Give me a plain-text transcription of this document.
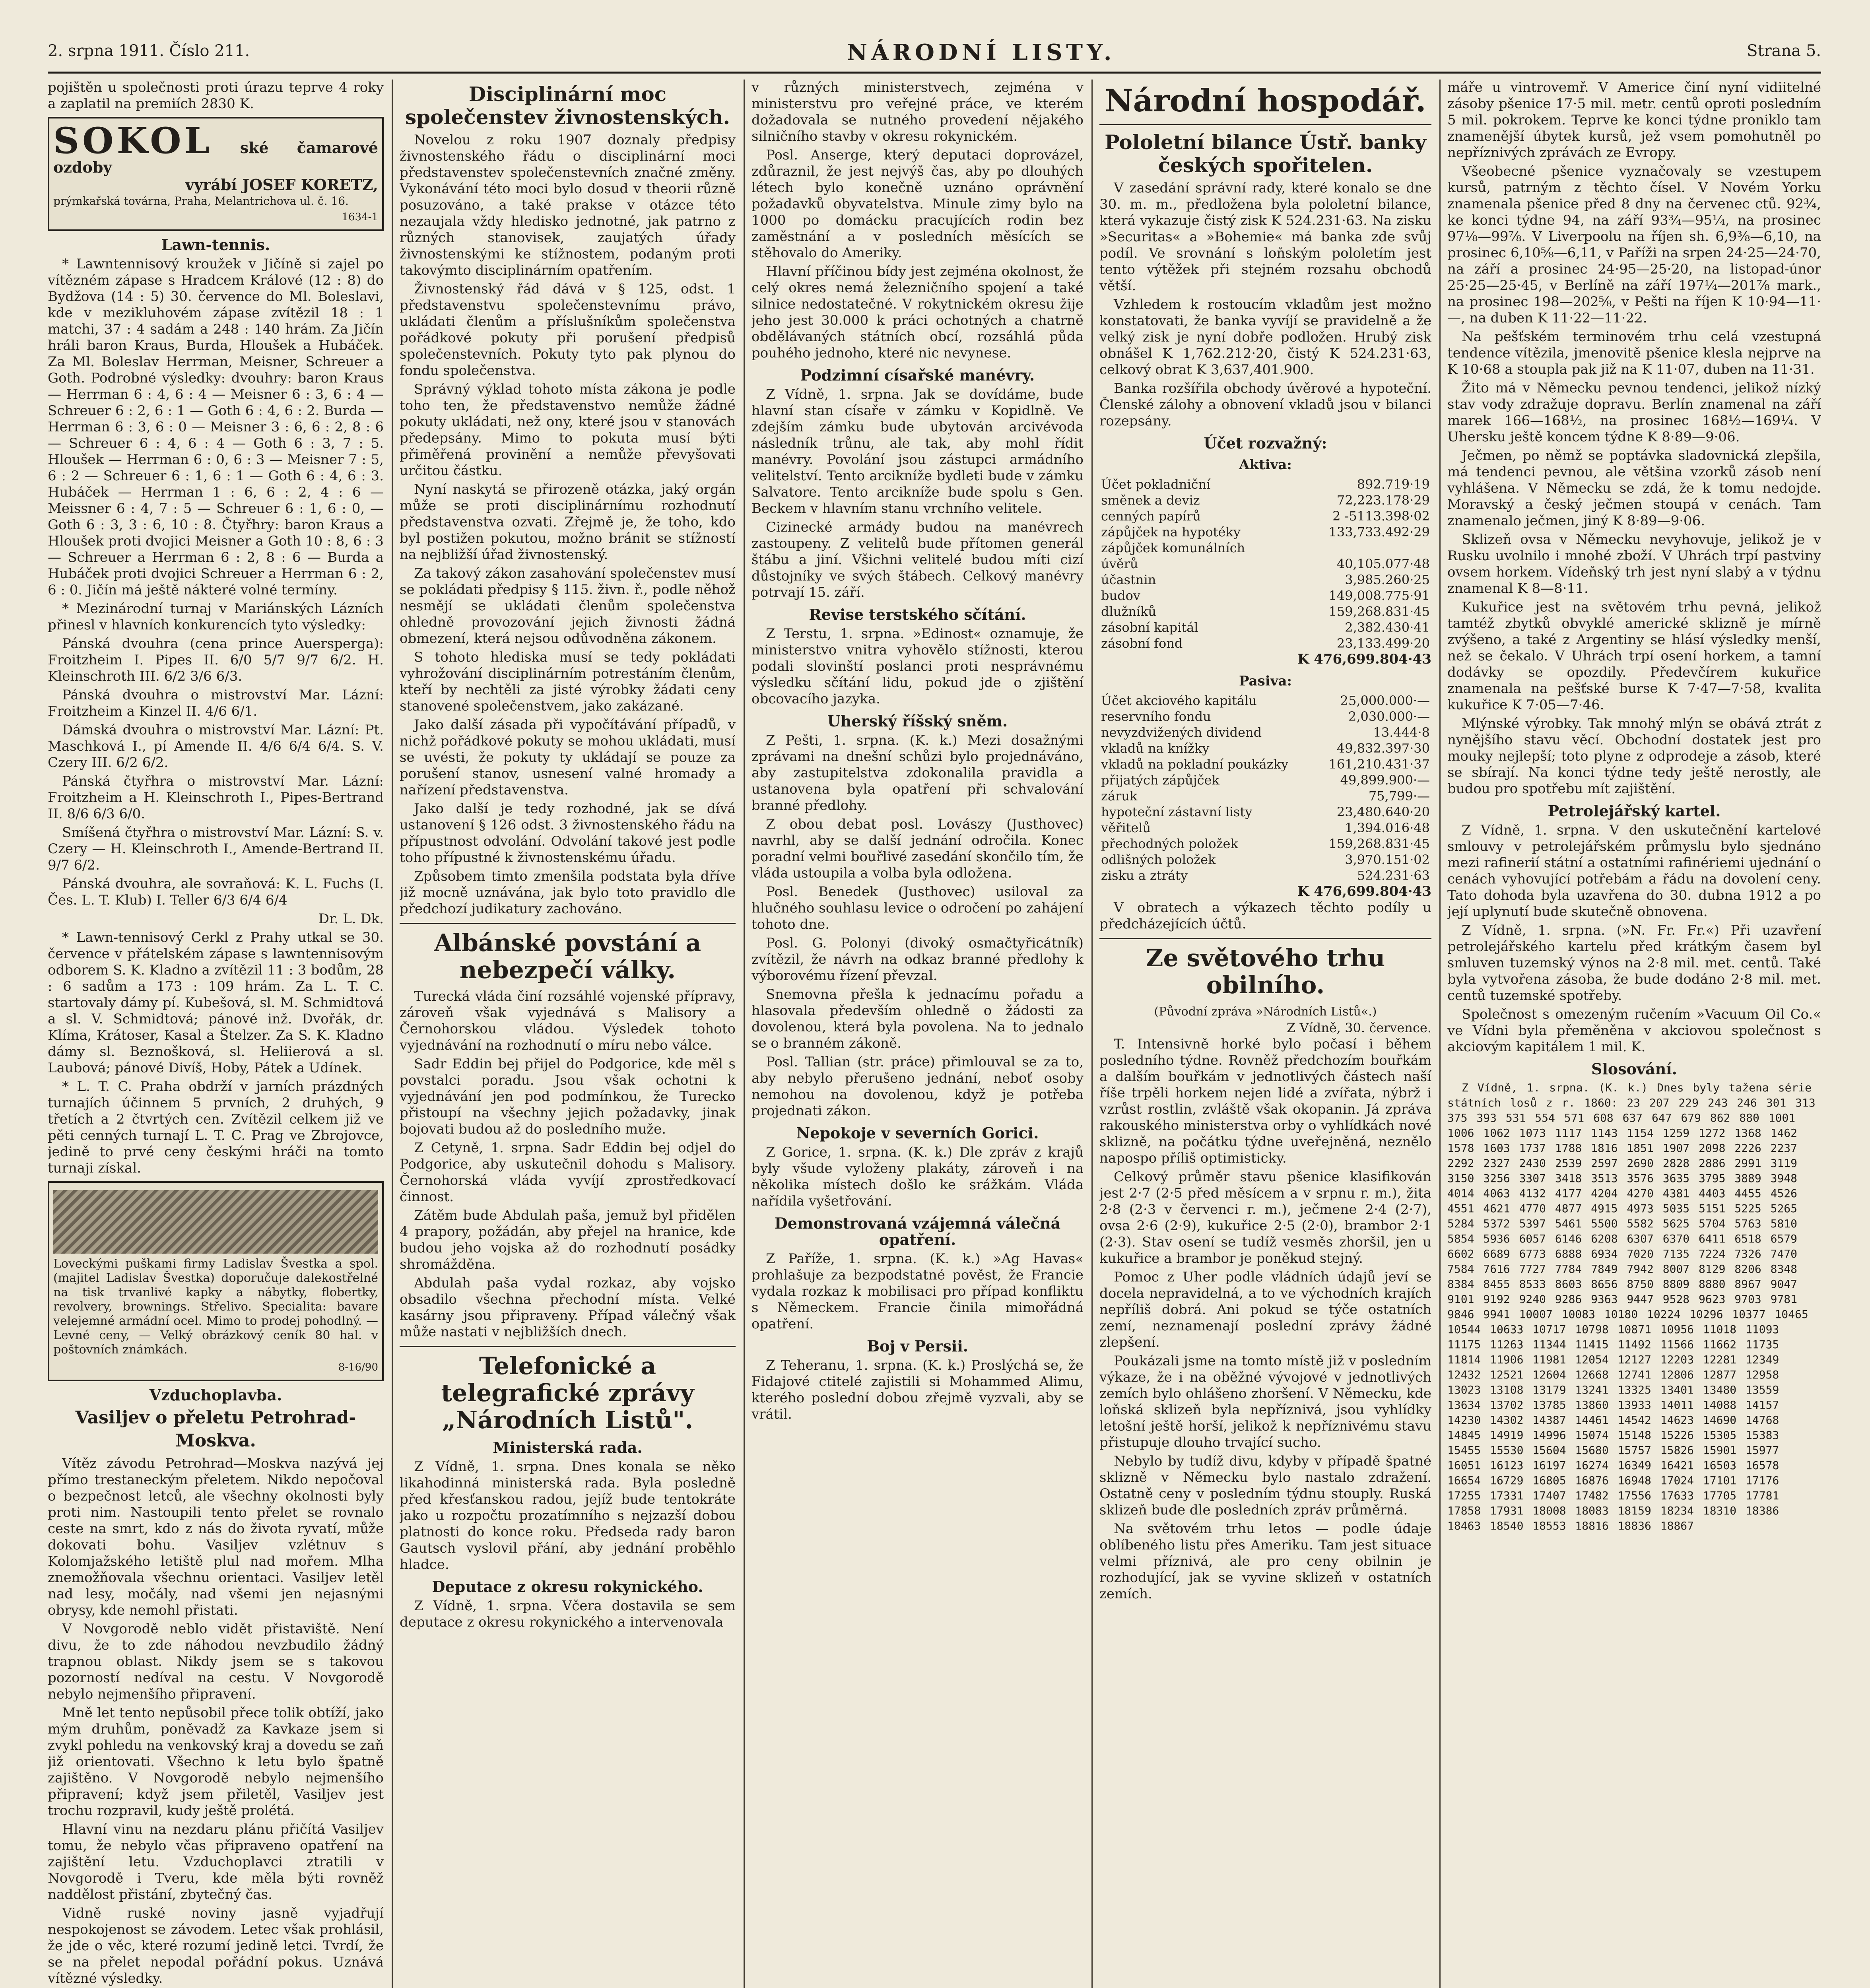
2. srpna 1911. Číslo 211.	NÁRODNÍ LISTY.	Strana 5.

pojištěn u společnosti proti úrazu teprve 4 roky a zaplatil na premiích 2830 K.

SOKOL ské čamarové ozdoby
vyrábí JOSEF KORETZ,
prýmkařská továrna, Praha, Melantrichova ul. č. 16.
1634-1
Lawn-tennis.

* Lawntennisový kroužek v Jičíně si zajel po vítězném zápase s Hradcem Králové (12 : 8) do Bydžova (14 : 5) 30. července do Ml. Boleslavi, kde v mezikluhovém zápase zvítězil 18 : 1 matchi, 37 : 4 sadám a 248 : 140 hrám. Za Jičín hráli baron Kraus, Burda, Hloušek a Hubáček. Za Ml. Boleslav Herrman, Meisner, Schreuer a Goth. Podrobné výsledky: dvouhry: baron Kraus — Herrman 6 : 4, 6 : 4 — Meisner 6 : 3, 6 : 4 — Schreuer 6 : 2, 6 : 1 — Goth 6 : 4, 6 : 2. Burda — Herrman 6 : 3, 6 : 0 — Meisner 3 : 6, 6 : 2, 8 : 6 — Schreuer 6 : 4, 6 : 4 — Goth 6 : 3, 7 : 5. Hloušek — Herrman 6 : 0, 6 : 3 — Meisner 7 : 5, 6 : 2 — Schreuer 6 : 1, 6 : 1 — Goth 6 : 4, 6 : 3. Hubáček — Herrman 1 : 6, 6 : 2, 4 : 6 — Meissner 6 : 4, 7 : 5 — Schreuer 6 : 1, 6 : 0, — Goth 6 : 3, 3 : 6, 10 : 8. Čtyřhry: baron Kraus a Hloušek proti dvojici Meisner a Goth 10 : 8, 6 : 3 — Schreuer a Herrman 6 : 2, 8 : 6 — Burda a Hubáček proti dvojici Schreuer a Herrman 6 : 2, 6 : 0. Jičín má ještě nákteré volné termíny.

* Mezinárodní turnaj v Mariánských Lázních přinesl v hlavních konkurencích tyto výsledky:

Pánská dvouhra (cena prince Auersperga): Froitzheim I. Pipes II. 6/0 5/7 9/7 6/2. H. Kleinschroth III. 6/2 3/6 6/3.

Pánská dvouhra o mistrovství Mar. Lázní: Froitzheim a Kinzel II. 4/6 6/1.

Dámská dvouhra o mistrovství Mar. Lázní: Pt. Maschková I., pí Amende II. 4/6 6/4 6/4. S. V. Czery III. 6/2 6/2.

Pánská čtyřhra o mistrovství Mar. Lázní: Froitzheim a H. Kleinschroth I., Pipes-Bertrand II. 8/6 6/3 6/0.

Smíšená čtyřhra o mistrovství Mar. Lázní: S. v. Czery — H. Kleinschroth I., Amende-Bertrand II. 9/7 6/2.

Pánská dvouhra, ale sovraňová: K. L. Fuchs (I. Čes. L. T. Klub) I. Teller 6/3 6/4 6/4

Dr. L. Dk.

* Lawn-tennisový Cerkl z Prahy utkal se 30. července v přátelském zápase s lawntennisovým odborem S. K. Kladno a zvítězil 11 : 3 bodům, 28 : 6 sadům a 173 : 109 hrám. Za L. T. C. startovaly dámy pí. Kubešová, sl. M. Schmidtová a sl. V. Schmidtová; pánové inž. Dvořák, dr. Klíma, Krátoser, Kasal a Štelzer. Za S. K. Kladno dámy sl. Beznošková, sl. Heliierová a sl. Laubová; pánové Divíš, Hoby, Pátek a Udínek.

* L. T. C. Praha obdrží v jarních prázdných turnajích účinnem 5 prvních, 2 druhých, 9 třetích a 2 čtvrtých cen. Zvítězil celkem již ve pěti cenných turnají L. T. C. Prag ve Zbrojovce, jedině to prvé ceny českými hráči na tomto turnaji získal.

Loveckými puškami firmy Ladislav Švestka a spol. (majitel Ladislav Švestka) doporučuje dalekostřelné na tisk trvanlivé kapky a nábytky, flobertky, revolvery, brownings. Střelivo. Specialita: bavare velejemné armádní ocel. Mimo to prodej pohodlný. — Levné ceny, — Velký obrázkový ceník 80 hal. v poštovních známkách.

8-16/90
Vzduchoplavba.
Vasiljev o přeletu Petrohrad-Moskva.

Vítěz závodu Petrohrad—Moskva nazývá jej přímo trestaneckým přeletem. Nikdo nepočoval o bezpečnost letců, ale všechny okolnosti byly proti nim. Nastoupili tento přelet se rovnalo ceste na smrt, kdo z nás do života ryvatí, může dokovati bohu. Vasiljev vzlétnuv s Kolomjažského letiště plul nad mořem. Mlha znemožňovala všechnu orientaci. Vasiljev letěl nad lesy, močály, nad všemi jen nejasnými obrysy, kde nemohl přistati.

V Novgorodě neblo vidět přistaviště. Není divu, že to zde náhodou nevzbudilo žádný trapnou oblast. Nikdy jsem se s takovou pozorností nedíval na cestu. V Novgorodě nebylo nejmenšího připravení.

Mně let tento nepůsobil přece tolik obtíží, jako mým druhům, poněvadž za Kavkaze jsem si zvykl pohledu na venkovský kraj a dovedu se zaň již orientovati. Všechno k letu bylo špatně zajištěno. V Novgorodě nebylo nejmenšího připravení; když jsem přiletěl, Vasiljev jest trochu rozpravil, kudy ještě prolétá.

Hlavní vinu na nezdaru plánu přičítá Vasiljev tomu, že nebylo včas připraveno opatření na zajištění letu. Vzduchoplavci ztratili v Novgorodě i Tveru, kde měla býti rovněž naddělost přistání, zbytečný čas.

Vidně ruské noviny jasně vyjadřují nespokojenost se závodem. Letec však prohlásil, že jde o věc, které rozumí jedině letci. Tvrdí, že se na přelet nepodal pořádní pokus. Uznává vítězné výsledky.

Disciplinární moc společenstev živnostenských.

Novelou z roku 1907 doznaly předpisy živnostenského řádu o disciplinární moci představenstev společenstevních značné změny. Vykonávání této moci bylo dosud v theorii různě posuzováno, a také prakse v otázce této nezaujala vždy hledisko jednotné, jak patrno z různých stanovisek, zaujatých úřady živnostenskými ke stížnostem, podaným proti takovýmto disciplinárním opatřením.

Živnostenský řád dává v § 125, odst. 1 představenstvu společenstevnímu právo, ukládati členům a příslušníkům společenstva pořádkové pokuty při porušení předpisů společenstevních. Pokuty tyto pak plynou do fondu společenstva.

Správný výklad tohoto místa zákona je podle toho ten, že představenstvo nemůže žádné pokuty ukládati, než ony, které jsou v stanovách předepsány. Mimo to pokuta musí býti přiměřená provinění a nemůže převyšovati určitou částku.

Nyní naskytá se přirozeně otázka, jaký orgán může se proti disciplinárnímu rozhodnutí představenstva ozvati. Zřejmě je, že toho, kdo byl postižen pokutou, možno bránit se stížností na nejbližší úřad živnostenský.

Za takový zákon zasahování společenstev musí se pokládati předpisy § 115. živn. ř., podle něhož nesmějí se ukládati členům společenstva ohledně provozování jejich živnosti žádná obmezení, která nejsou odůvodněna zákonem.

S tohoto hlediska musí se tedy pokládati vyhrožování disciplinárním potrestáním členům, kteří by nechtěli za jisté výrobky žádati ceny stanovené společenstvem, jako zakázané.

Jako další zásada při vypočítávání případů, v nichž pořádkové pokuty se mohou ukládati, musí se uvésti, že pokuty ty ukládají se pouze za porušení stanov, usnesení valné hromady a nařízení představenstva.

Jako další je tedy rozhodné, jak se dívá ustanovení § 126 odst. 3 živnostenského řádu na přípustnost odvolání. Odvolání takové jest podle toho přípustné k živnostenskému úřadu.

Způsobem timto zmenšila podstata byla dříve již mocně uznávána, jak bylo toto pravidlo dle předchozí judikatury zachováno.

Albánské povstání a nebezpečí války.

Turecká vláda činí rozsáhlé vojenské přípravy, zároveň však vyjednává s Malisory a Černohorskou vládou. Výsledek tohoto vyjednávání na rozhodnutí o míru nebo válce.

Sadr Eddin bej přijel do Podgorice, kde měl s povstalci poradu. Jsou však ochotni k vyjednávání jen pod podmínkou, že Turecko přistoupí na všechny jejich požadavky, jinak bojovati budou až do posledního muže.

Z Cetyně, 1. srpna. Sadr Eddin bej odjel do Podgorice, aby uskutečnil dohodu s Malisory. Černohorská vláda vyvíjí zprostředkovací činnost.

Zátěm bude Abdulah paša, jemuž byl přidělen 4 prapory, požádán, aby přejel na hranice, kde budou jeho vojska až do rozhodnutí posádky shromážděna.

Abdulah paša vydal rozkaz, aby vojsko obsadilo všechna přechodní místa. Velké kasárny jsou připraveny. Případ válečný však může nastati v nejbližších dnech.

Telefonické a telegrafické zprávy „Národních Listů".
Ministerská rada.

Z Vídně, 1. srpna. Dnes konala se něko likahodinná ministerská rada. Byla posledně před křesťanskou radou, jejíž bude tentokráte jako u rozpočtu prozatímního s nejzazší dobou platnosti do konce roku. Předseda rady baron Gautsch vyslovil přání, aby jednání proběhlo hladce.

Deputace z okresu rokynického.

Z Vídně, 1. srpna. Včera dostavila se sem deputace z okresu rokynického a intervenovala

v různých ministerstvech, zejména v ministerstvu pro veřejné práce, ve kterém dožadovala se nutného provedení nějakého silničního stavby v okresu rokynickém.

Posl. Anserge, který deputaci doprovázel, zdůraznil, že jest nejvýš čas, aby po dlouhých létech bylo konečně uznáno oprávnění požadavků obyvatelstva. Minule zimy bylo na 1000 po domácku pracujících rodin bez zaměstnání a v posledních měsících se stěhovalo do Ameriky.

Hlavní příčinou bídy jest zejména okolnost, že celý okres nemá železničního spojení a také silnice nedostatečné. V rokytnickém okresu žije jeho jest 30.000 k práci ochotných a chatrně obdělávaných státních obcí, rozsáhlá půda pouhého jednoho, které nic nevynese.

Podzimní císařské manévry.

Z Vídně, 1. srpna. Jak se dovídáme, bude hlavní stan císaře v zámku v Kopidlně. Ve zdejším zámku bude ubytován arcivévoda následník trůnu, ale tak, aby mohl řídit manévry. Povolání jsou zástupci armádního velitelství. Tento arcikníže bydleti bude v zámku Salvatore. Tento arcikníže bude spolu s Gen. Beckem v hlavním stanu vrchního velitele.

Cizinecké armády budou na manévrech zastoupeny. Z velitelů bude přítomen generál štábu a jiní. Všichni velitelé budou míti cizí důstojníky ve svých štábech. Celkový manévry potrvají 15. září.

Revise terstského sčítání.

Z Terstu, 1. srpna. »Edinost« oznamuje, že ministerstvo vnitra vyhovělo stížnosti, kterou podali slovinští poslanci proti nesprávnému výsledku sčítání lidu, pokud jde o zjištění obcovacího jazyka.

Uherský říšský sněm.

Z Pešti, 1. srpna. (K. k.) Mezi dosažnými zprávami na dnešní schůzi bylo projednáváno, aby zastupitelstva zdokonalila pravidla a ustanovena byla opatření při schvalování branné předlohy.

Z obou debat posl. Lovászy (Justhovec) navrhl, aby se další jednání odročila. Konec poradní velmi bouřlivé zasedání skončilo tím, že vláda ustoupila a volba byla odložena.

Posl. Benedek (Justhovec) usiloval za hlučného souhlasu levice o odročení po zahájení tohoto dne.

Posl. G. Polonyi (divoký osmačtyřicátník) zvítězil, že návrh na odkaz branné předlohy k výborovému řízení převzal.

Snemovna přešla k jednacímu pořadu a hlasovala především ohledně o žádosti za dovolenou, která byla povolena. Na to jednalo se o branném zákoně.

Posl. Tallian (str. práce) přimlouval se za to, aby nebylo přerušeno jednání, neboť osoby nemohou na dovolenou, když je potřeba projednati zákon.

Nepokoje v severních Gorici.

Z Gorice, 1. srpna. (K. k.) Dle zpráv z krajů byly všude vyloženy plakáty, zároveň i na několika místech došlo ke srážkám. Vláda nařídila vyšetřování.

Demonstrovaná vzájemná válečná opatření.

Z Paříže, 1. srpna. (K. k.) »Ag Havas« prohlašuje za bezpodstatné pověst, že Francie vydala rozkaz k mobilisaci pro případ konfliktu s Německem. Francie činila mimořádná opatření.

Boj v Persii.

Z Teheranu, 1. srpna. (K. k.) Proslýchá se, že Fidajové ctitelé zajistili si Mohammed Alimu, kterého poslední dobou zřejmě vyzvali, aby se vrátil.

Národní hospodář.
Pololetní bilance Ústř. banky českých spořitelen.

V zasedání správní rady, které konalo se dne 30. m. m., předložena byla pololetní bilance, která vykazuje čistý zisk K 524.231·63. Na zisku »Securitas« a »Bohemie« má banka zde svůj podíl. Ve srovnání s loňským pololetím jest tento výtěžek při stejném rozsahu obchodů větší.

Vzhledem k rostoucím vkladům jest možno konstatovati, že banka vyvíjí se pravidelně a že velký zisk je nyní dobře podložen. Hrubý zisk obnášel K 1,762.212·20, čistý K 524.231·63, celkový obrat K 3,637,401.900.

Banka rozšířila obchody úvěrové a hypoteční. Členské zálohy a obnovení vkladů jsou v bilanci rozepsány.

Účet rozvažný:
Aktiva:
Účet pokladniční	892.719·19
směnek a deviz	72,223.178·29
cenných papírů	2 -5113.398·02
zápůjček na hypotéky	133,733.492·29
zápůjček komunálních	
úvěrů	40,105.077·48
účastnin	3,985.260·25
budov	149,008.775·91
dlužníků	159,268.831·45
zásobní kapitál	2,382.430·41
zásobní fond	23,133.499·20
K 476,699.804·43
Pasiva:
Účet akciového kapitálu	25,000.000·—
reservního fondu	2,030.000·—
nevyzdvižených dividend	13.444·8
vkladů na knížky	49,832.397·30
vkladů na pokladní poukázky	161,210.431·37
přijatých zápůjček	49,899.900·—
záruk	75,799·—
hypoteční zástavní listy	23,480.640·20
věřitelů	1,394.016·48
přechodných položek	159,268.831·45
odlišných položek	3,970.151·02
zisku a ztráty	524.231·63
K 476,699.804·43

V obratech a výkazech těchto podíly u předcházejících účtů.

Ze světového trhu obilního.
(Původní zpráva »Národních Listů«.)
Z Vídně, 30. července.

T. Intensivně horké bylo počasí i během posledního týdne. Rovněž předchozím bouřkám a dalším bouřkám v jednotlivých částech naší říše trpěli horkem nejen lidé a zvířata, nýbrž i vzrůst rostlin, zvláště však okopanin. Já zpráva rakouského ministerstva orby o vyhlídkách nové sklizně, na počátku týdne uveřejněná, neznělo napospo příliš optimisticky.

Celkový průměr stavu pšenice klasifikován jest 2·7 (2·5 před měsícem a v srpnu r. m.), žita 2·8 (2·3 v červenci r. m.), ječmene 2·4 (2·7), ovsa 2·6 (2·9), kukuřice 2·5 (2·0), brambor 2·1 (2·3). Stav osení se tudíž vesměs zhoršil, jen u kukuřice a brambor je poněkud stejný.

Pomoc z Uher podle vládních údajů jeví se docela nepravidelná, a to ve východních krajích nepříliš dobrá. Ani pokud se týče ostatních zemí, neznamenají poslední zprávy žádné zlepšení.

Poukázali jsme na tomto místě již v posledním výkaze, že i na oběžné vývojové v jednotlivých zemích bylo ohlášeno zhoršení. V Německu, kde loňská sklizeň byla nepříznivá, jsou vyhlídky letošní ještě horší, jelikož k nepříznivému stavu přistupuje dlouho trvající sucho.

Nebylo by tudíž divu, kdyby v případě špatné sklizně v Německu bylo nastalo zdražení. Ostatně ceny v posledním týdnu stouply. Ruská sklizeň bude dle posledních zpráv průměrná.

Na světovém trhu letos — podle údaje oblíbeného listu přes Ameriku. Tam jest situace velmi příznivá, ale pro ceny obilnin je rozhodující, jak se vyvine sklizeň v ostatních zemích.

máře u vintrovemř. V Americe činí nyní vidiitelné zásoby pšenice 17·5 mil. metr. centů oproti posledním 5 mil. pokrokem. Teprve ke konci týdne proniklo tam znamenější úbytek kursů, jež vsem pomohutněl po nepříznivých zprávách ze Evropy.

Všeobecné pšenice vyznačovaly se vzestupem kursů, patrným z těchto čísel. V Novém Yorku znamenala pšenice před 8 dny na červenec ctů. 92¾, ke konci týdne 94, na září 93¾—95¼, na prosinec 97⅛—99⅞. V Liverpoolu na říjen sh. 6,9⅜—6,10, na prosinec 6,10⅝—6,11, v Paříži na srpen 24·25—24·70, na září a prosinec 24·95—25·20, na listopad-únor 25·25—25·45, v Berlíně na září 197¼—201⅞ mark., na prosinec 198—202⅝, v Pešti na říjen K 10·94—11·—, na duben K 11·22—11·22.

Na pešťském terminovém trhu celá vzestupná tendence vítězila, jmenovitě pšenice klesla nejprve na K 10·68 a stoupla pak již na K 11·07, duben na 11·31.

Žito má v Německu pevnou tendenci, jelikož nízký stav vody zdražuje dopravu. Berlín znamenal na září marek 166—168½, na prosinec 168½—169¼. V Uhersku ještě koncem týdne K 8·89—9·06.

Ječmen, po němž se poptávka sladovnická zlepšila, má tendenci pevnou, ale většina vzorků zásob není vyhlášena. V Německu se zdá, že k tomu nedojde. Moravský a český ječmen stoupá v cenách. Tam znamenalo ječmen, jiný K 8·89—9·06.

Sklizeň ovsa v Německu nevyhovuje, jelikož je v Rusku uvolnilo i mnohé zboží. V Uhrách trpí pastviny ovsem horkem. Vídeňský trh jest nyní slabý a v týdnu znamenal K 8—8·11.

Kukuřice jest na světovém trhu pevná, jelikož tamtéž zbytků obvyklé americké sklizně je mírně zvýšeno, a také z Argentiny se hlásí výsledky menší, než se čekalo. V Uhrách trpí osení horkem, a tamní dodávky se opozdily. Předevčírem kukuřice znamenala na pešťské burse K 7·47—7·58, kvalita kukuřice K 7·05—7·46.

Mlýnské výrobky. Tak mnohý mlýn se obává ztrát z nynějšího stavu věcí. Obchodní dostatek jest pro mouky nejlepší; toto plyne z odprodeje a zásob, které se sbírají. Na konci týdne tedy ještě nerostly, ale budou pro spotřebu mít zajištění.

Petrolejářský kartel.

Z Vídně, 1. srpna. V den uskutečnění kartelové smlouvy v petrolejářském průmyslu bylo sjednáno mezi rafinerií státní a ostatními rafinériemi ujednání o cenách vyhovující potřebám a řádu na dovolení ceny. Tato dohoda byla uzavřena do 30. dubna 1912 a po její uplynutí bude skutečně obnovena.

Z Vídně, 1. srpna. (»N. Fr. Fr.«) Při uzavření petrolejářského kartelu před krátkým časem byl smluven tuzemský výnos na 2·8 mil. met. centů. Také byla vytvořena zásoba, že bude dodáno 2·8 mil. met. centů tuzemské spotřeby.

Společnost s omezeným ručením »Vacuum Oil Co.« ve Vídni byla přeměněna v akciovou společnost s akciovým kapitálem 1 mil. K.

Slosování.

Z Vídně, 1. srpna. (K. k.) Dnes byly tažena série státních losů z r. 1860: 23 207 229 243 246 301 313 375 393 531 554 571 608 637 647 679 862 880 1001 1006 1062 1073 1117 1143 1154 1259 1272 1368 1462 1578 1603 1737 1788 1816 1851 1907 2098 2226 2237 2292 2327 2430 2539 2597 2690 2828 2886 2991 3119 3150 3256 3307 3418 3513 3576 3635 3795 3889 3948 4014 4063 4132 4177 4204 4270 4381 4403 4455 4526 4551 4621 4770 4877 4915 4973 5035 5151 5225 5265 5284 5372 5397 5461 5500 5582 5625 5704 5763 5810 5854 5936 6057 6146 6208 6307 6370 6411 6518 6579 6602 6689 6773 6888 6934 7020 7135 7224 7326 7470 7584 7616 7727 7784 7849 7942 8007 8129 8206 8348 8384 8455 8533 8603 8656 8750 8809 8880 8967 9047 9101 9192 9240 9286 9363 9447 9528 9623 9703 9781 9846 9941 10007 10083 10180 10224 10296 10377 10465 10544 10633 10717 10798 10871 10956 11018 11093 11175 11263 11344 11415 11492 11566 11662 11735 11814 11906 11981 12054 12127 12203 12281 12349 12432 12521 12604 12668 12741 12806 12877 12958 13023 13108 13179 13241 13325 13401 13480 13559 13634 13702 13785 13860 13933 14011 14088 14157 14230 14302 14387 14461 14542 14623 14690 14768 14845 14919 14996 15074 15148 15226 15305 15383 15455 15530 15604 15680 15757 15826 15901 15977 16051 16123 16197 16274 16349 16421 16503 16578 16654 16729 16805 16876 16948 17024 17101 17176 17255 17331 17407 17482 17556 17633 17705 17781 17858 17931 18008 18083 18159 18234 18310 18386 18463 18540 18553 18816 18836 18867
